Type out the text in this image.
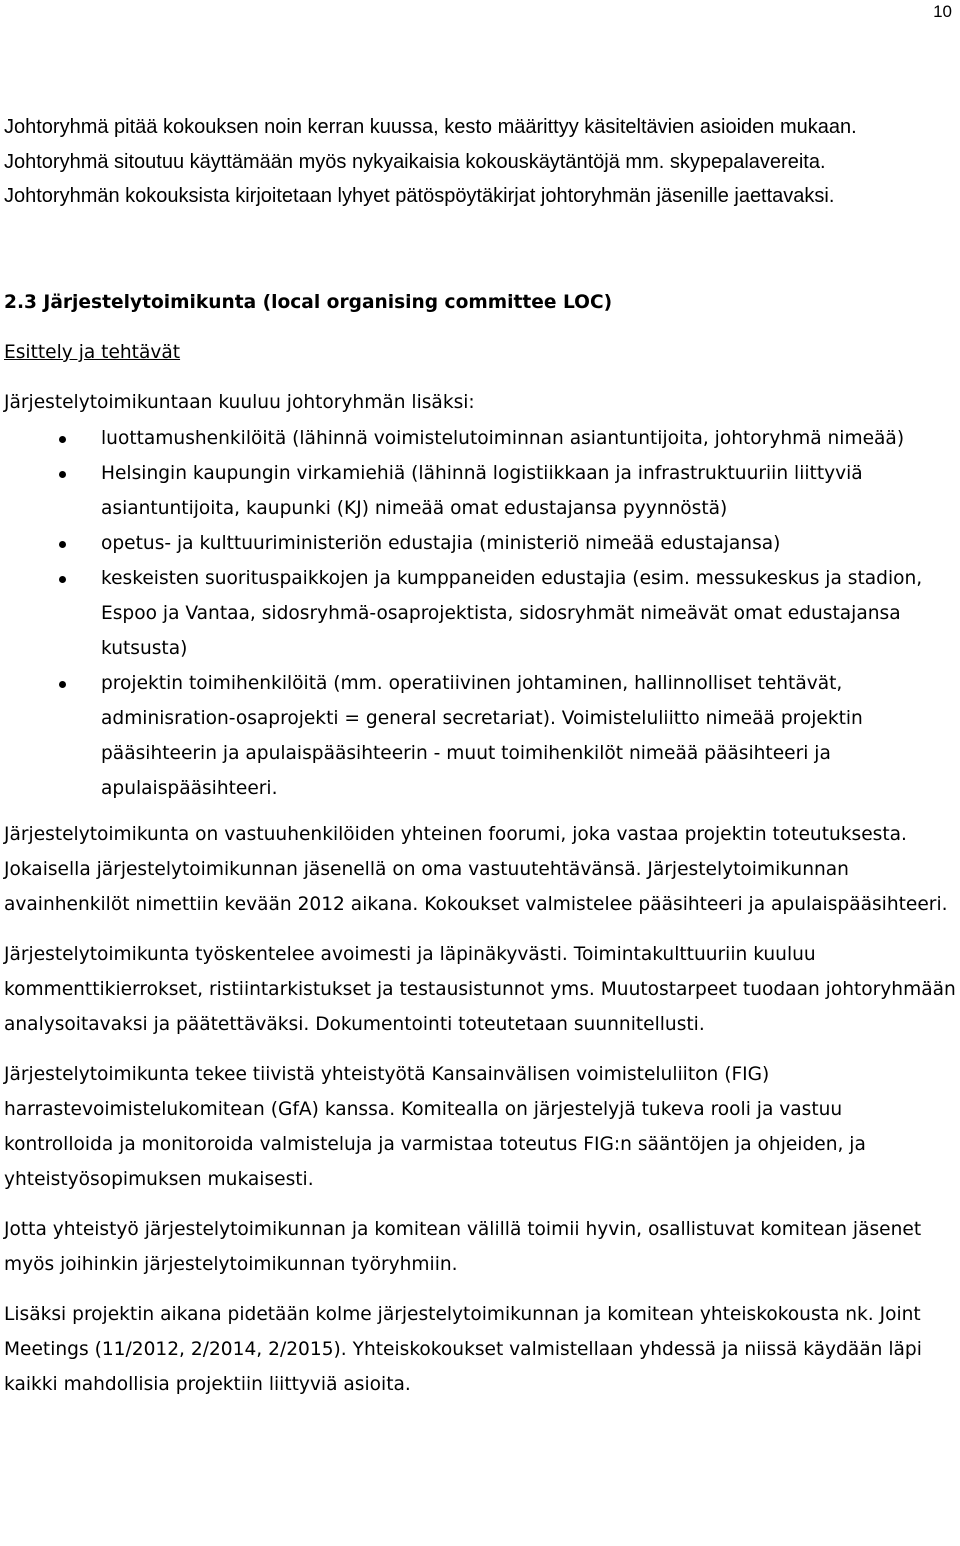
10

Johtoryhmä pitää kokouksen noin kerran kuussa, kesto määrittyy käsiteltävien asioiden mukaan. Johtoryhmä sitoutuu käyttämään myös nykyaikaisia kokouskäytäntöjä mm. skypepalavereita. Johtoryhmän kokouksista kirjoitetaan lyhyet pätöspöytäkirjat johtoryhmän jäsenille jaettavaksi.

2.3 Järjestelytoimikunta (local organising committee LOC)

Esittely ja tehtävät

Järjestelytoimikuntaan kuuluu johtoryhmän lisäksi:

luottamushenkilöitä (lähinnä voimistelutoiminnan asiantuntijoita, johtoryhmä nimeää)
Helsingin kaupungin virkamiehiä (lähinnä logistiikkaan ja infrastruktuuriin liittyviä asiantuntijoita, kaupunki (KJ) nimeää omat edustajansa pyynnöstä)
opetus- ja kulttuuriministeriön edustajia (ministeriö nimeää edustajansa)
keskeisten suorituspaikkojen ja kumppaneiden edustajia (esim. messukeskus ja stadion, Espoo ja Vantaa, sidosryhmä-osaprojektista, sidosryhmät nimeävät omat edustajansa kutsusta)
projektin toimihenkilöitä (mm. operatiivinen johtaminen, hallinnolliset tehtävät, adminisration-osaprojekti = general secretariat). Voimisteluliitto nimeää projektin pääsihteerin ja apulaispääsihteerin - muut toimihenkilöt nimeää pääsihteeri ja apulaispääsihteeri.

Järjestelytoimikunta on vastuuhenkilöiden yhteinen foorumi, joka vastaa projektin toteutuksesta. Jokaisella järjestelytoimikunnan jäsenellä on oma vastuutehtävänsä. Järjestelytoimikunnan avainhenkilöt nimettiin kevään 2012 aikana. Kokoukset valmistelee pääsihteeri ja apulaispääsihteeri.

Järjestelytoimikunta työskentelee avoimesti ja läpinäkyvästi. Toimintakulttuuriin kuuluu kommenttikierrokset, ristiintarkistukset ja testausistunnot yms. Muutostarpeet tuodaan johtoryhmään analysoitavaksi ja päätettäväksi. Dokumentointi toteutetaan suunnitellusti.

Järjestelytoimikunta tekee tiivistä yhteistyötä Kansainvälisen voimisteluliiton (FIG) harrastevoimistelukomitean (GfA) kanssa. Komitealla on järjestelyjä tukeva rooli ja vastuu kontrolloida ja monitoroida valmisteluja ja varmistaa toteutus FIG:n sääntöjen ja ohjeiden, ja yhteistyösopimuksen mukaisesti.

Jotta yhteistyö järjestelytoimikunnan ja komitean välillä toimii hyvin, osallistuvat komitean jäsenet myös joihinkin järjestelytoimikunnan työryhmiin.

Lisäksi projektin aikana pidetään kolme järjestelytoimikunnan ja komitean yhteiskokousta nk. Joint Meetings (11/2012, 2/2014, 2/2015). Yhteiskokoukset valmistellaan yhdessä ja niissä käydään läpi kaikki mahdollisia projektiin liittyviä asioita.
